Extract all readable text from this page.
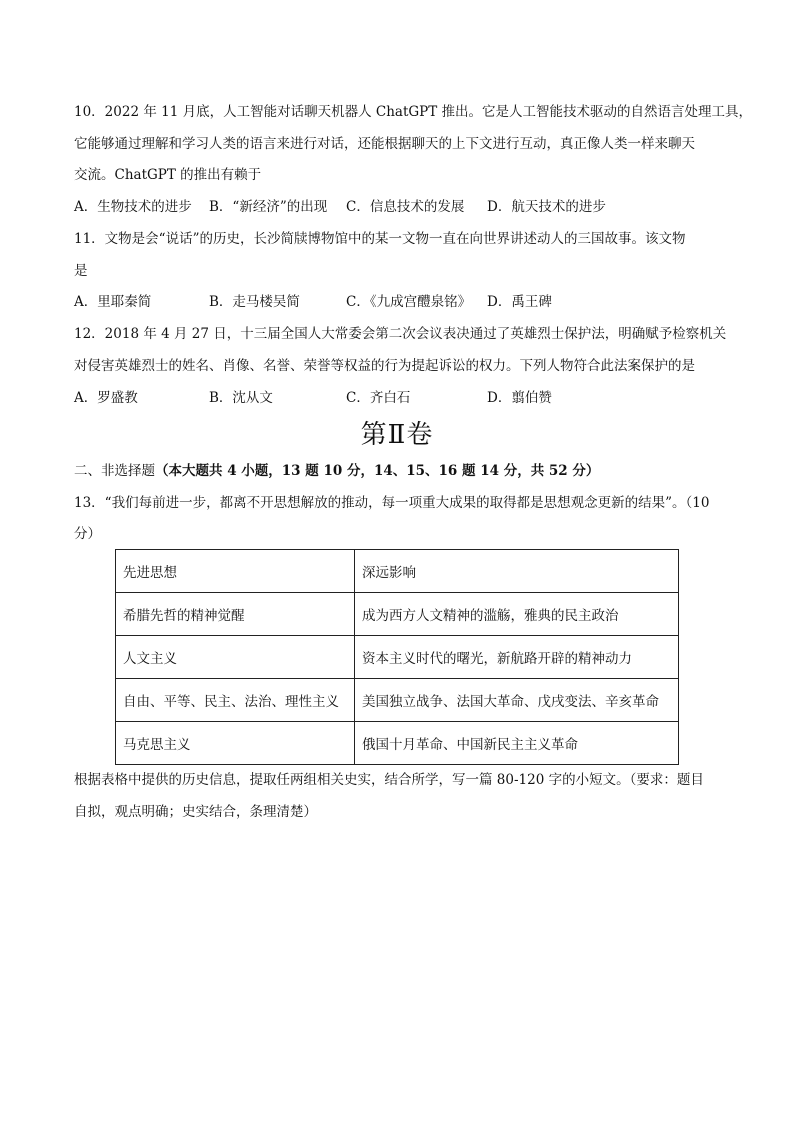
10．2022 年 11 月底，人工智能对话聊天机器人 ChatGPT 推出。它是人工智能技术驱动的自然语言处理工具，
它能够通过理解和学习人类的语言来进行对话，还能根据聊天的上下文进行互动，真正像人类一样来聊天
交流。ChatGPT 的推出有赖于
A．生物技术的进步 B．“新经济”的出现 C．信息技术的发展 D．航天技术的进步
11．文物是会“说话”的历史，长沙简牍博物馆中的某一文物一直在向世界讲述动人的三国故事。该文物
是
A．里耶秦简	B．走马楼吴简	C．《九成宫醴泉铭》 D．禹王碑
12．2018 年 4 月 27 日，十三届全国人大常委会第二次会议表决通过了英雄烈士保护法，明确赋予检察机关
对侵害英雄烈士的姓名、肖像、名誉、荣誉等权益的行为提起诉讼的权力。下列人物符合此法案保护的是
A．罗盛教	B．沈从文	C．齐白石	D．翦伯赞
第Ⅱ卷
二、非选择题（本大题共 4 小题，13 题 10 分，14、15、16 题 14 分，共 52 分）
13．“我们每前进一步，都离不开思想解放的推动，每一项重大成果的取得都是思想观念更新的结果”。（10
分）
先进思想	深远影响
希腊先哲的精神觉醒	成为西方人文精神的滥觞，雅典的民主政治
人文主义	资本主义时代的曙光，新航路开辟的精神动力
自由、平等、民主、法治、理性主义	美国独立战争、法国大革命、戊戌变法、辛亥革命
马克思主义	俄国十月革命、中国新民主主义革命
根据表格中提供的历史信息，提取任两组相关史实，结合所学，写一篇 80-120 字的小短文。（要求：题目
自拟，观点明确；史实结合，条理清楚）
